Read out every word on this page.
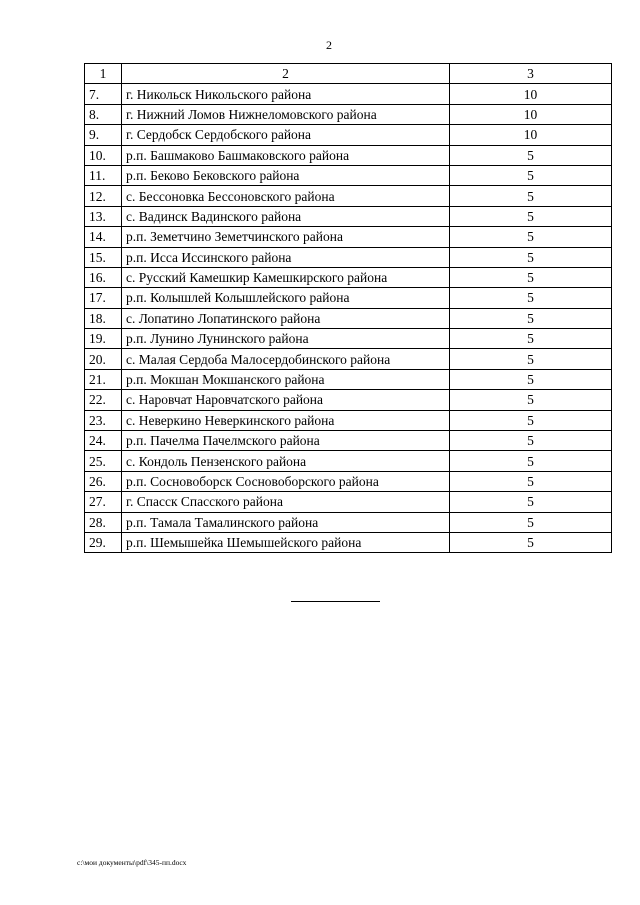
2
1	2	3
7.	г. Никольск Никольского района	10
8.	г. Нижний Ломов Нижнеломовского района	10
9.	г. Сердобск Сердобского района	10
10.	р.п. Башмаково Башмаковского района	5
11.	р.п. Беково Бековского района	5
12.	с. Бессоновка Бессоновского района	5
13.	с. Вадинск Вадинского района	5
14.	р.п. Земетчино Земетчинского района	5
15.	р.п. Исса Иссинского района	5
16.	с. Русский Камешкир Камешкирского района	5
17.	р.п. Колышлей Колышлейского района	5
18.	с. Лопатино Лопатинского района	5
19.	р.п. Лунино Лунинского района	5
20.	с. Малая Сердоба Малосердобинского района	5
21.	р.п. Мокшан Мокшанского района	5
22.	с. Наровчат Наровчатского района	5
23.	с. Неверкино Неверкинского района	5
24.	р.п. Пачелма Пачелмского района	5
25.	с. Кондоль Пензенского района	5
26.	р.п. Сосновоборск Сосновоборского района	5
27.	г. Спасск Спасского района	5
28.	р.п. Тамала Тамалинского района	5
29.	р.п. Шемышейка Шемышейского района	5
c:\мои документы\pdf\345-пп.docx
